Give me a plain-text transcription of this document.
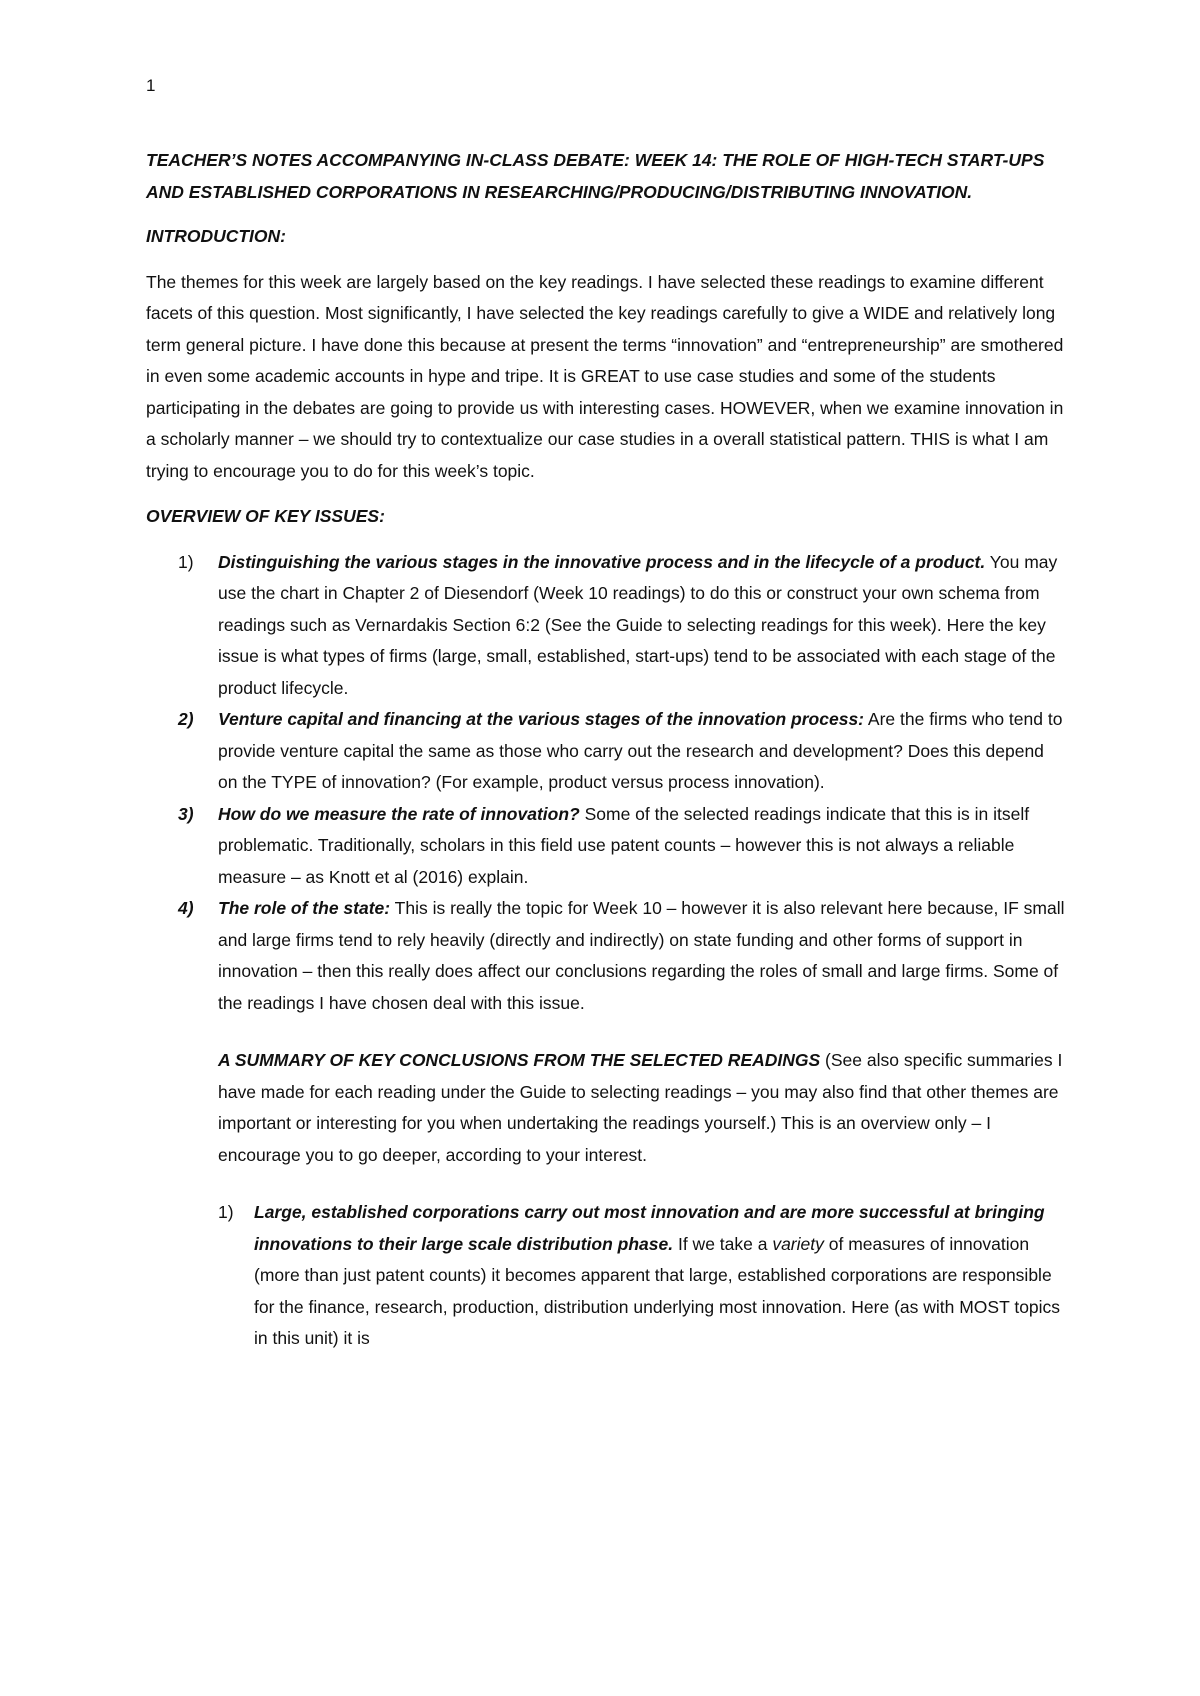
1
TEACHER’S NOTES ACCOMPANYING IN-CLASS DEBATE: WEEK 14: THE ROLE OF HIGH-TECH START-UPS AND ESTABLISHED CORPORATIONS IN RESEARCHING/PRODUCING/DISTRIBUTING INNOVATION.
INTRODUCTION:

The themes for this week are largely based on the key readings. I have selected these readings to examine different facets of this question. Most significantly, I have selected the key readings carefully to give a WIDE and relatively long term general picture. I have done this because at present the terms “innovation” and “entrepreneurship” are smothered in even some academic accounts in hype and tripe. It is GREAT to use case studies and some of the students participating in the debates are going to provide us with interesting cases. HOWEVER, when we examine innovation in a scholarly manner – we should try to contextualize our case studies in a overall statistical pattern. THIS is what I am trying to encourage you to do for this week’s topic.

OVERVIEW OF KEY ISSUES:
1) Distinguishing the various stages in the innovative process and in the lifecycle of a product. You may use the chart in Chapter 2 of Diesendorf (Week 10 readings) to do this or construct your own schema from readings such as Vernardakis Section 6:2 (See the Guide to selecting readings for this week). Here the key issue is what types of firms (large, small, established, start-ups) tend to be associated with each stage of the product lifecycle.
2) Venture capital and financing at the various stages of the innovation process: Are the firms who tend to provide venture capital the same as those who carry out the research and development? Does this depend on the TYPE of innovation? (For example, product versus process innovation).
3) How do we measure the rate of innovation? Some of the selected readings indicate that this is in itself problematic. Traditionally, scholars in this field use patent counts – however this is not always a reliable measure – as Knott et al (2016) explain.
4) The role of the state: This is really the topic for Week 10 – however it is also relevant here because, IF small and large firms tend to rely heavily (directly and indirectly) on state funding and other forms of support in innovation – then this really does affect our conclusions regarding the roles of small and large firms. Some of the readings I have chosen deal with this issue.
A SUMMARY OF KEY CONCLUSIONS FROM THE SELECTED READINGS (See also specific summaries I have made for each reading under the Guide to selecting readings – you may also find that other themes are important or interesting for you when undertaking the readings yourself.) This is an overview only – I encourage you to go deeper, according to your interest.
1) Large, established corporations carry out most innovation and are more successful at bringing innovations to their large scale distribution phase. If we take a variety of measures of innovation (more than just patent counts) it becomes apparent that large, established corporations are responsible for the finance, research, production, distribution underlying most innovation. Here (as with MOST topics in this unit) it is
